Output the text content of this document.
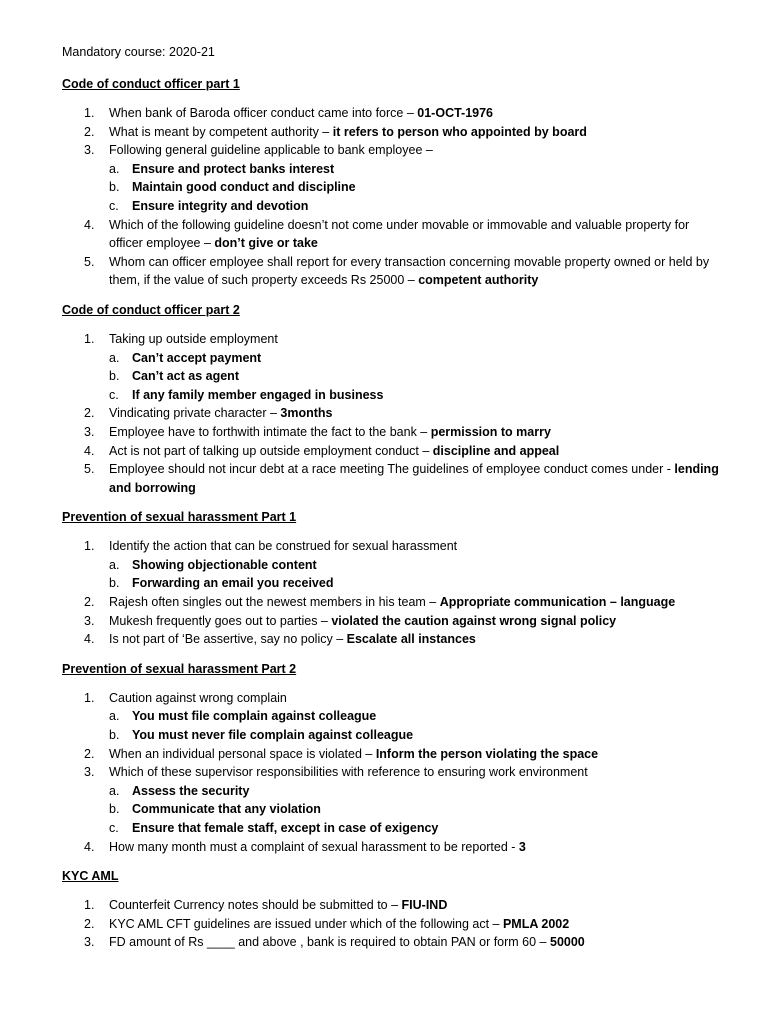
Mandatory course: 2020-21
Code of conduct officer part 1
1. When bank of Baroda officer conduct came into force – 01-OCT-1976
2. What is meant by competent authority – it refers to person who appointed by board
3. Following general guideline applicable to bank employee –
a. Ensure and protect banks interest
b. Maintain good conduct and discipline
c. Ensure integrity and devotion
4. Which of the following guideline doesn’t not come under movable or immovable and valuable property for officer employee – don’t give or take
5. Whom can officer employee shall report for every transaction concerning movable property owned or held by them, if the value of such property exceeds Rs 25000 – competent authority
Code of conduct officer part 2
1. Taking up outside employment
a. Can’t accept payment
b. Can’t act as agent
c. If any family member engaged in business
2. Vindicating private character – 3months
3. Employee have to forthwith intimate the fact to the bank – permission to marry
4. Act is not part of talking up outside employment conduct – discipline and appeal
5. Employee should not incur debt at a race meeting The guidelines of employee conduct comes under - lending and borrowing
Prevention of sexual harassment Part 1
1. Identify the action that can be construed for sexual harassment
a. Showing objectionable content
b. Forwarding an email you received
2. Rajesh often singles out the newest members in his team – Appropriate communication – language
3. Mukesh frequently goes out to parties – violated the caution against wrong signal policy
4. Is not part of ‘Be assertive, say no policy – Escalate all instances
Prevention of sexual harassment Part 2
1. Caution against wrong complain
a. You must file complain against colleague
b. You must never file complain against colleague
2. When an individual personal space is violated – Inform the person violating the space
3. Which of these supervisor responsibilities with reference to ensuring work environment
a. Assess the security
b. Communicate that any violation
c. Ensure that female staff, except in case of exigency
4. How many month must a complaint of sexual harassment to be reported - 3
KYC AML
1. Counterfeit Currency notes should be submitted to – FIU-IND
2. KYC AML CFT guidelines are issued under which of the following act – PMLA 2002
3. FD amount of Rs ____ and above , bank is required to obtain PAN or form 60 – 50000
